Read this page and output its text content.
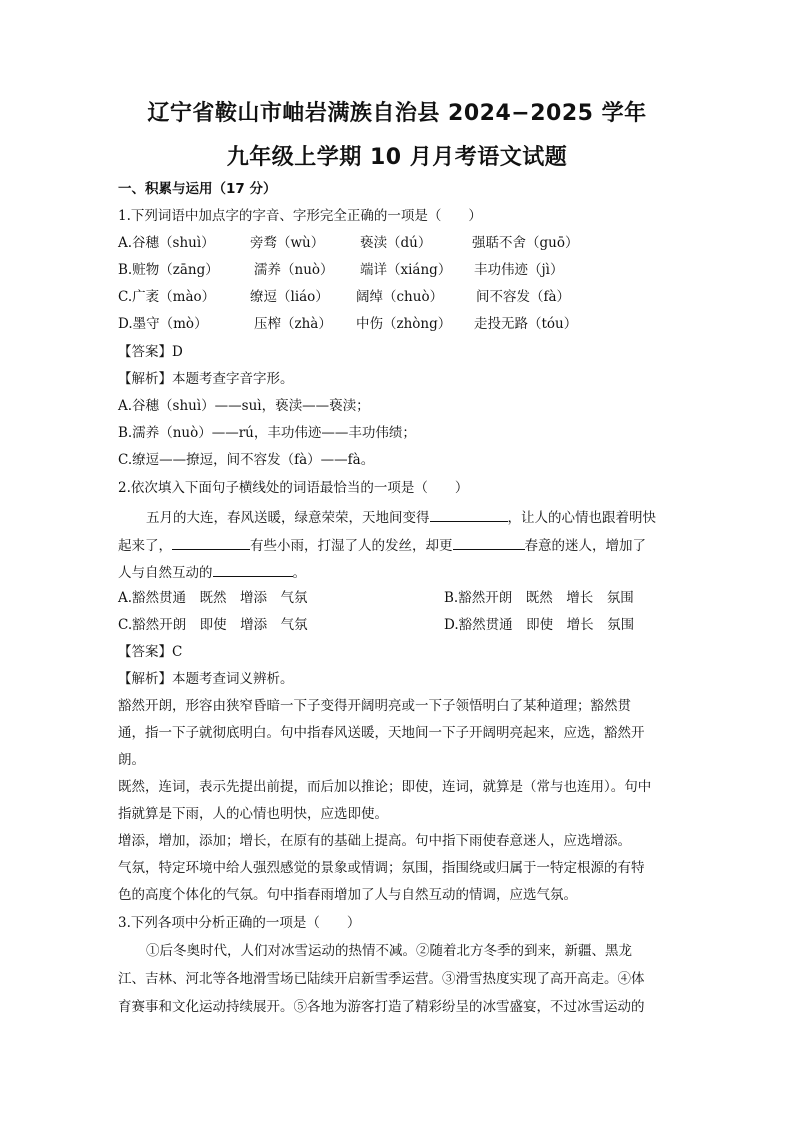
辽宁省鞍山市岫岩满族自治县 2024−2025 学年
九年级上学期 10 月月考语文试题
一、积累与运用（17 分）
1.下列词语中加点字的字音、字形完全正确的一项是（　　）
A.谷穗（shuì）	旁骛（wù）	亵渎（dú）	强聒不舍（guō）
B.赃物（zāng）	濡养（nuò） 端详（xiáng） 丰功伟迹（jì）
C.广袤（mào）	缭逗（liáo） 阔绰（chuò） 间不容发（fà）
D.墨守（mò）	压榨（zhà） 中伤（zhòng） 走投无路（tóu）
【答案】D
【解析】本题考查字音字形。
A.谷穗（shuì）——suì，亵渎——亵渎；
B.濡养（nuò）——rú，丰功伟迹——丰功伟绩；
C.缭逗——撩逗，间不容发（fà）——fà。
2.依次填入下面句子横线处的词语最恰当的一项是（　　）
五月的大连，春风送暖，绿意荣荣，天地间变得	，让人的心情也跟着明快
起来了，	有些小雨，打湿了人的发丝，却更	春意的迷人，增加了
人与自然互动的	。
A.豁然贯通　既然　增添　气氛	B.豁然开朗　既然　增长　氛围
C.豁然开朗　即使　增添　气氛	D.豁然贯通　即使　增长　氛围
【答案】C
【解析】本题考查词义辨析。
豁然开朗，形容由狭窄昏暗一下子变得开阔明亮或一下子领悟明白了某种道理；豁然贯
通，指一下子就彻底明白。句中指春风送暖，天地间一下子开阔明亮起来，应选，豁然开
朗。
既然，连词，表示先提出前提，而后加以推论；即使，连词，就算是（常与也连用）。句中
指就算是下雨，人的心情也明快，应选即使。
增添，增加，添加；增长，在原有的基础上提高。句中指下雨使春意迷人，应选增添。
气氛，特定环境中给人强烈感觉的景象或情调；氛围，指围绕或归属于一特定根源的有特
色的高度个体化的气氛。句中指春雨增加了人与自然互动的情调，应选气氛。
3.下列各项中分析正确的一项是（　　）
①后冬奥时代，人们对冰雪运动的热情不减。②随着北方冬季的到来，新疆、黑龙
江、吉林、河北等各地滑雪场已陆续开启新雪季运营。③滑雪热度实现了高开高走。④体
育赛事和文化运动持续展开。⑤各地为游客打造了精彩纷呈的冰雪盛宴，不过冰雪运动的
